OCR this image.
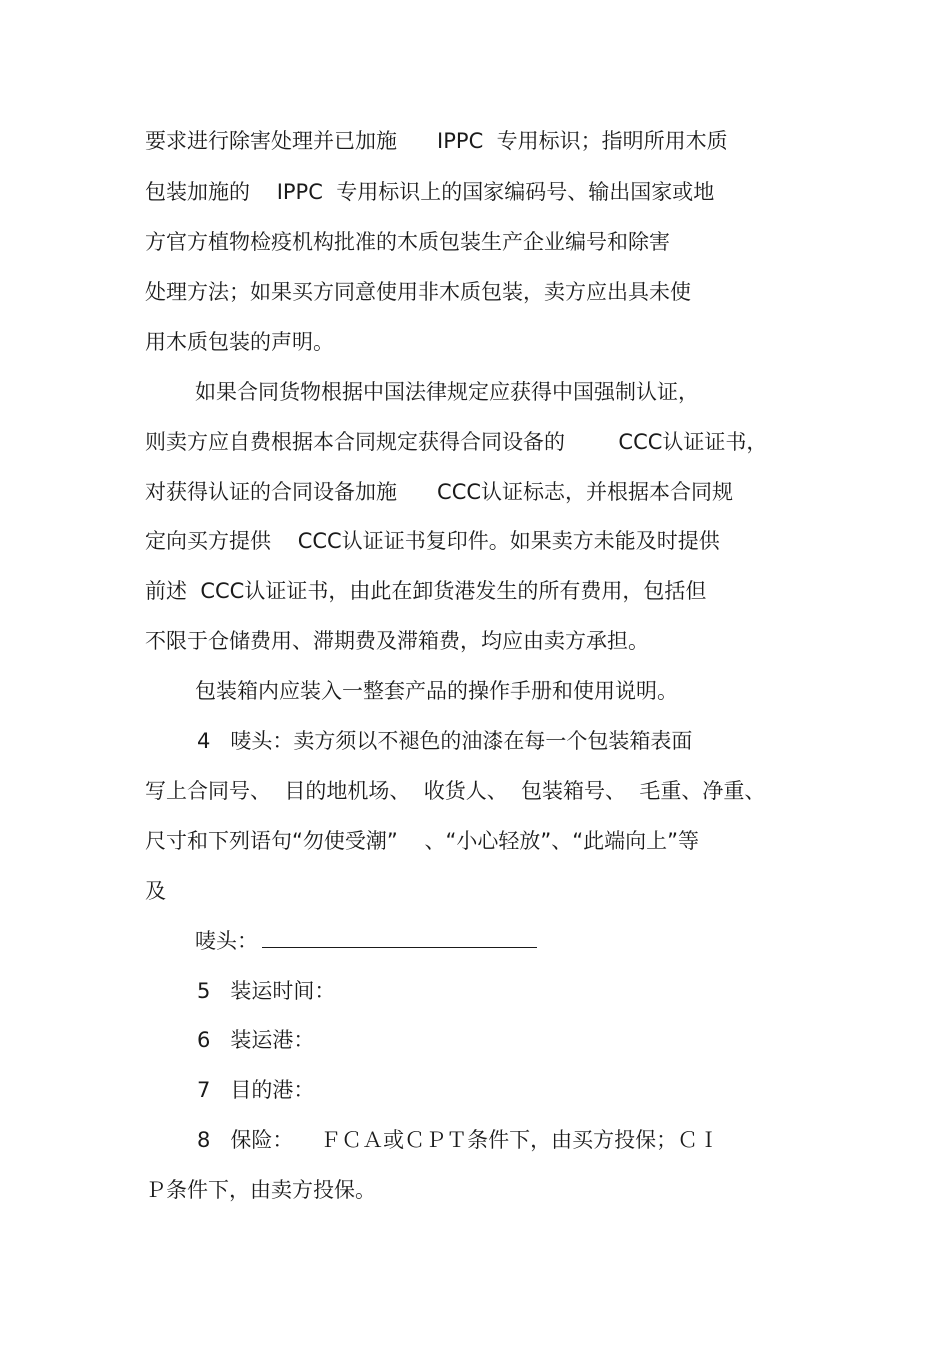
要求进行除害处理并已加施      IPPC  专用标识；指明所用木质

包装加施的    IPPC  专用标识上的国家编码号、输出国家或地

方官方植物检疫机构批准的木质包装生产企业编号和除害

处理方法；如果买方同意使用非木质包装，卖方应出具未使

用木质包装的声明。

如果合同货物根据中国法律规定应获得中国强制认证，

则卖方应自费根据本合同规定获得合同设备的        CCC认证证书，

对获得认证的合同设备加施      CCC认证标志，并根据本合同规

定向买方提供    CCC认证证书复印件。如果卖方未能及时提供

前述  CCC认证证书，由此在卸货港发生的所有费用，包括但

不限于仓储费用、滞期费及滞箱费，均应由卖方承担。

包装箱内应装入一整套产品的操作手册和使用说明。

4   唛头：卖方须以不褪色的油漆在每一个包装箱表面

写上合同号、  目的地机场、  收货人、  包装箱号、  毛重、净重、

尺寸和下列语句“勿使受潮”    、“小心轻放”、“此端向上”等

及

唛头：

5   装运时间：

6   装运港：

7   目的港：

8   保险：    ＦＣＡ或ＣＰＴ条件下，由买方投保；ＣＩ

Ｐ条件下，由卖方投保。
